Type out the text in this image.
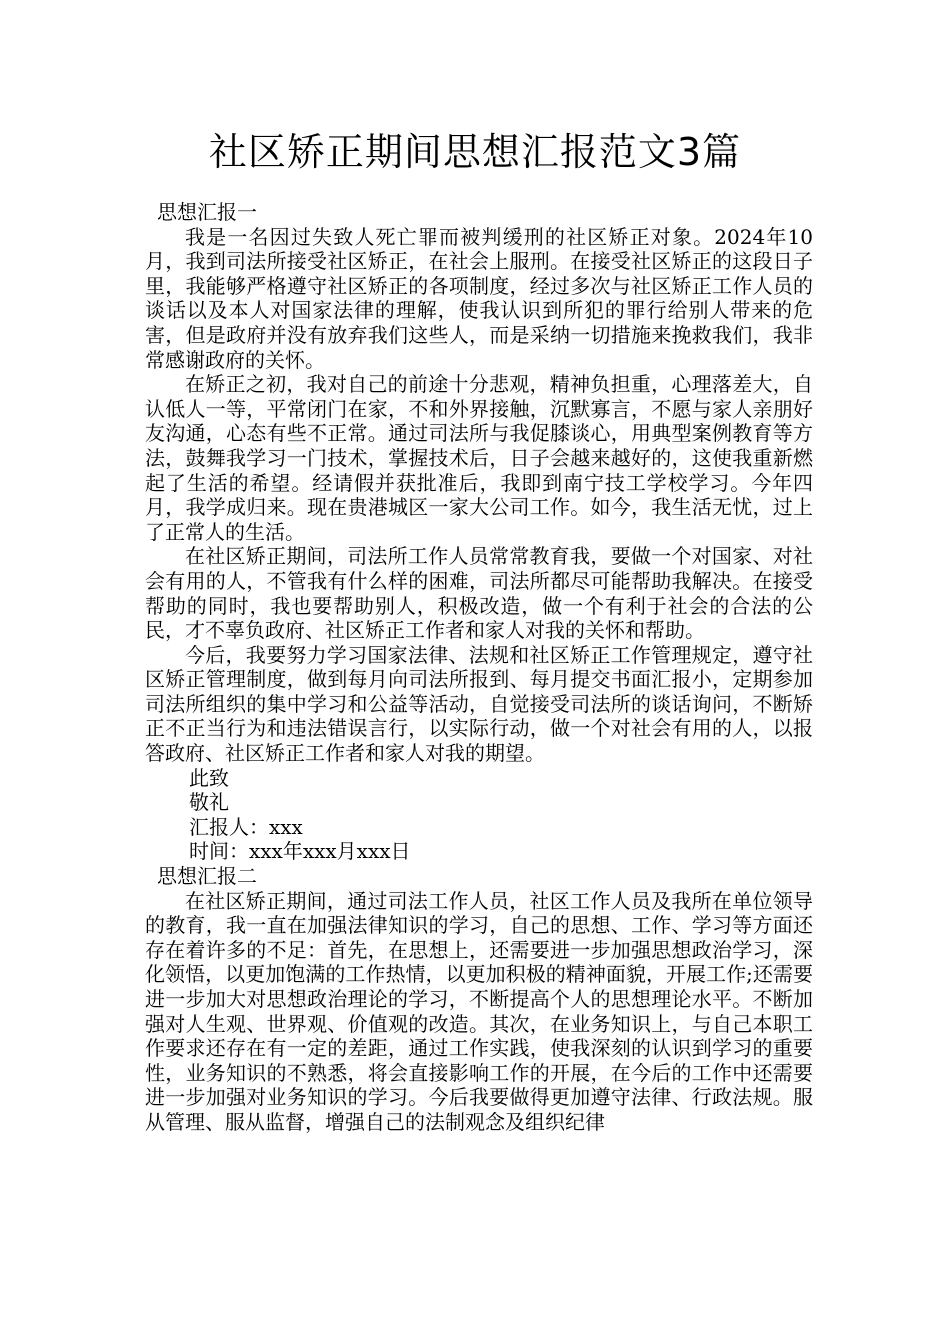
社区矫正期间思想汇报范文3篇

思想汇报一

我是一名因过失致人死亡罪而被判缓刑的社区矫正对象。2024年10月，我到司法所接受社区矫正，在社会上服刑。在接受社区矫正的这段日子里，我能够严格遵守社区矫正的各项制度，经过多次与社区矫正工作人员的谈话以及本人对国家法律的理解，使我认识到所犯的罪行给别人带来的危害，但是政府并没有放弃我们这些人，而是采纳一切措施来挽救我们，我非常感谢政府的关怀。

在矫正之初，我对自己的前途十分悲观，精神负担重，心理落差大，自认低人一等，平常闭门在家，不和外界接触，沉默寡言，不愿与家人亲朋好友沟通，心态有些不正常。通过司法所与我促膝谈心，用典型案例教育等方法，鼓舞我学习一门技术，掌握技术后，日子会越来越好的，这使我重新燃起了生活的希望。经请假并获批准后，我即到南宁技工学校学习。今年四月，我学成归来。现在贵港城区一家大公司工作。如今，我生活无忧，过上了正常人的生活。

在社区矫正期间，司法所工作人员常常教育我，要做一个对国家、对社会有用的人，不管我有什么样的困难，司法所都尽可能帮助我解决。在接受帮助的同时，我也要帮助别人，积极改造，做一个有利于社会的合法的公民，才不辜负政府、社区矫正工作者和家人对我的关怀和帮助。

今后，我要努力学习国家法律、法规和社区矫正工作管理规定，遵守社区矫正管理制度，做到每月向司法所报到、每月提交书面汇报小，定期参加司法所组织的集中学习和公益等活动，自觉接受司法所的谈话询问，不断矫正不正当行为和违法错误言行，以实际行动，做一个对社会有用的人，以报答政府、社区矫正工作者和家人对我的期望。

此致

敬礼

汇报人：xxx

时间：xxx年xxx月xxx日

思想汇报二

在社区矫正期间，通过司法工作人员，社区工作人员及我所在单位领导的教育，我一直在加强法律知识的学习，自己的思想、工作、学习等方面还存在着许多的不足：首先，在思想上，还需要进一步加强思想政治学习，深化领悟，以更加饱满的工作热情，以更加积极的精神面貌，开展工作;还需要进一步加大对思想政治理论的学习，不断提高个人的思想理论水平。不断加强对人生观、世界观、价值观的改造。其次，在业务知识上，与自己本职工作要求还存在有一定的差距，通过工作实践，使我深刻的认识到学习的重要性，业务知识的不熟悉，将会直接影响工作的开展，在今后的工作中还需要进一步加强对业务知识的学习。今后我要做得更加遵守法律、行政法规。服从管理、服从监督，增强自己的法制观念及组织纪律
